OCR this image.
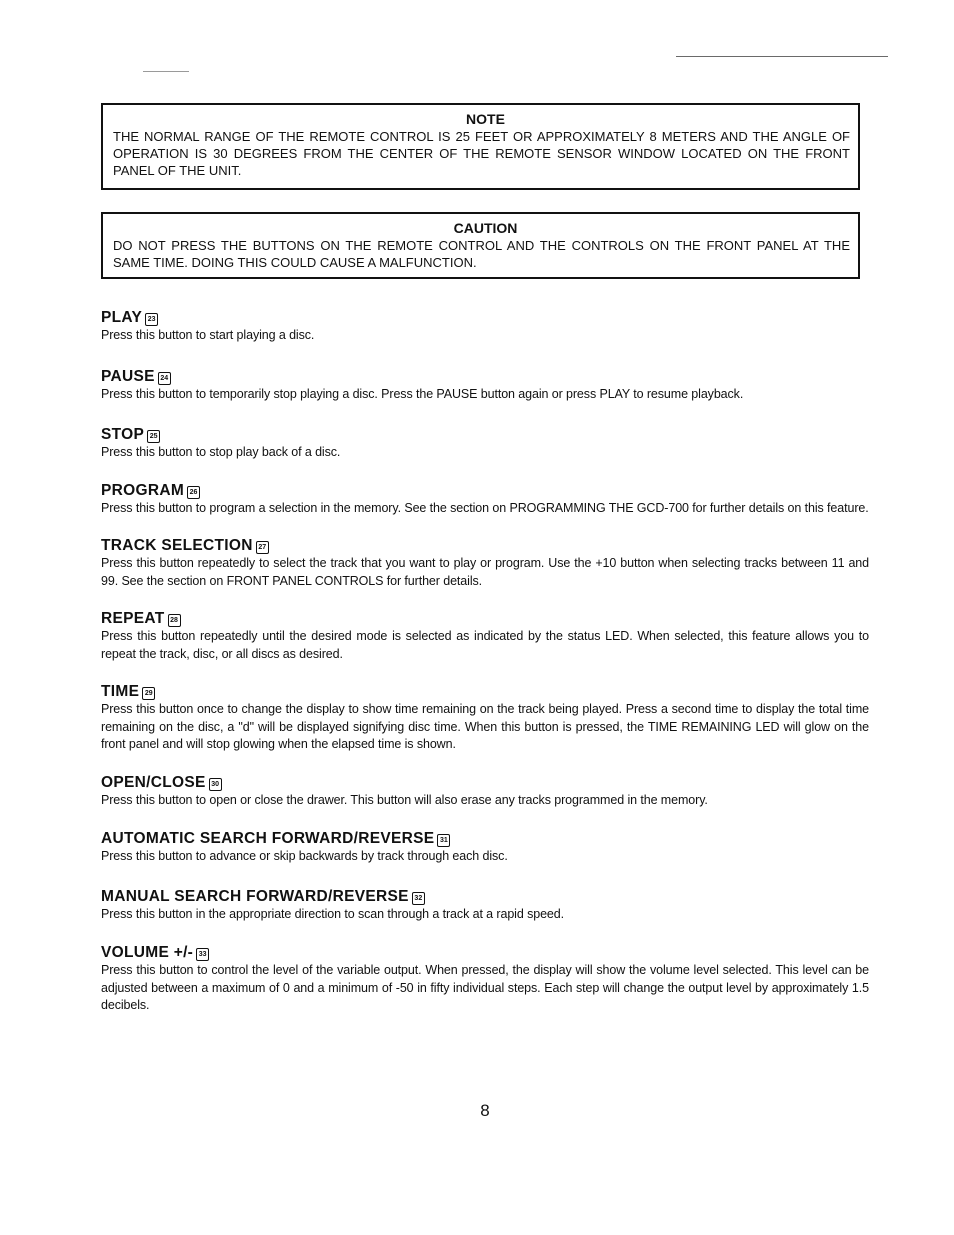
NOTE

THE NORMAL RANGE OF THE REMOTE CONTROL IS 25 FEET OR APPROXIMATELY 8 METERS AND THE ANGLE OF OPERATION IS 30 DEGREES FROM THE CENTER OF THE REMOTE SENSOR WINDOW LOCATED ON THE FRONT PANEL OF THE UNIT.

CAUTION

DO NOT PRESS THE BUTTONS ON THE REMOTE CONTROL AND THE CONTROLS ON THE FRONT PANEL AT THE SAME TIME. DOING THIS COULD CAUSE A MALFUNCTION.

PLAY 23

Press this button to start playing a disc.

PAUSE 24

Press this button to temporarily stop playing a disc. Press the PAUSE button again or press PLAY to resume playback.

STOP 25

Press this button to stop play back of a disc.

PROGRAM 26

Press this button to program a selection in the memory. See the section on PROGRAMMING THE GCD-700 for further details on this feature.

TRACK SELECTION 27

Press this button repeatedly to select the track that you want to play or program. Use the +10 button when selecting tracks between 11 and 99. See the section on FRONT PANEL CONTROLS for further details.

REPEAT 28

Press this button repeatedly until the desired mode is selected as indicated by the status LED. When selected, this feature allows you to repeat the track, disc, or all discs as desired.

TIME 29

Press this button once to change the display to show time remaining on the track being played. Press a second time to display the total time remaining on the disc, a "d" will be displayed signifying disc time. When this button is pressed, the TIME REMAINING LED will glow on the front panel and will stop glowing when the elapsed time is shown.

OPEN/CLOSE 30

Press this button to open or close the drawer. This button will also erase any tracks programmed in the memory.

AUTOMATIC SEARCH FORWARD/REVERSE 31

Press this button to advance or skip backwards by track through each disc.

MANUAL SEARCH FORWARD/REVERSE 32

Press this button in the appropriate direction to scan through a track at a rapid speed.

VOLUME +/- 33

Press this button to control the level of the variable output. When pressed, the display will show the volume level selected. This level can be adjusted between a maximum of 0 and a minimum of -50 in fifty individual steps. Each step will change the output level by approximately 1.5 decibels.

8
